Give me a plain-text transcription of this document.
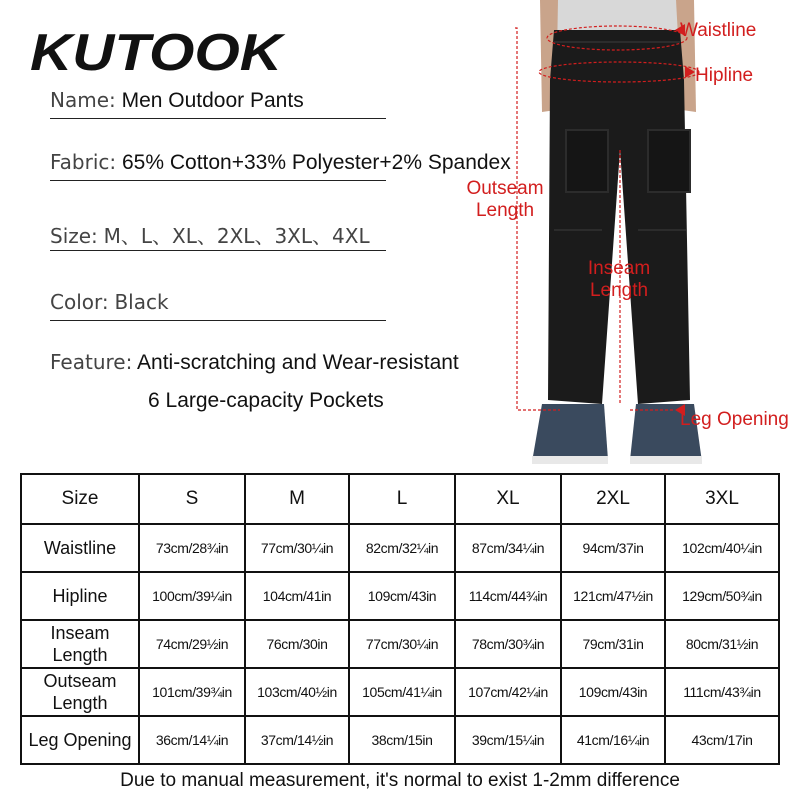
KUTOOK
Name: Men Outdoor Pants
Fabric: 65% Cotton+33% Polyester+2% Spandex
Size: M、L、XL、2XL、3XL、4XL
Color: Black
Feature: Anti-scratching and Wear-resistant
6 Large-capacity Pockets
Waistline
Hipline
Outseam
Length
Inseam
Length
Leg Opening
Size	S	M	L	XL	2XL	3XL
Waistline	73cm/28¾in	77cm/30¼in	82cm/32¼in	87cm/34¼in	94cm/37in	102cm/40¼in
Hipline	100cm/39¼in	104cm/41in	109cm/43in	114cm/44¾in	121cm/47½in	129cm/50¾in
Inseam Length	74cm/29½in	76cm/30in	77cm/30¼in	78cm/30¾in	79cm/31in	80cm/31½in
Outseam Length	101cm/39¾in	103cm/40½in	105cm/41¼in	107cm/42¼in	109cm/43in	111cm/43¾in
Leg Opening	36cm/14¼in	37cm/14½in	38cm/15in	39cm/15¼in	41cm/16¼in	43cm/17in
Due to manual measurement, it's normal to exist 1-2mm difference
